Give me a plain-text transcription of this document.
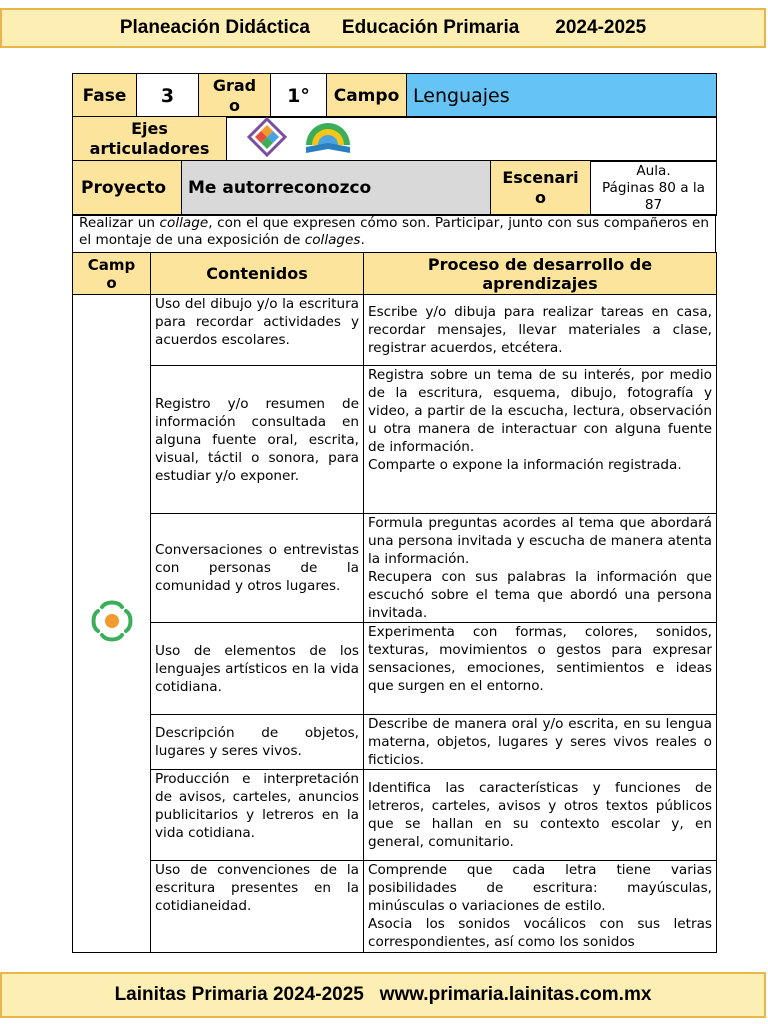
Planeación Didáctica Educación Primaria 2024-2025
Fase	3	Grad
o	1°	Campo	Lenguajes
Ejes
articuladores	
Proyecto	Me autorreconozco	Escenari
o	Aula.
Páginas 80 a la
87
Realizar un collage, con el que expresen cómo son. Participar, junto con sus compañeros en el montaje de una exposición de collages.
Camp
o	Contenidos	Proceso de desarrollo de
aprendizajes
	Uso del dibujo y/o la escritura para recordar actividades y acuerdos escolares.	Escribe y/o dibuja para realizar tareas en casa, recordar mensajes, llevar materiales a clase, registrar acuerdos, etcétera.

	Registro y/o resumen de información consultada en alguna fuente oral, escrita, visual, táctil o sonora, para estudiar y/o exponer.	Registra sobre un tema de su interés, por medio de la escritura, esquema, dibujo, fotografía y video, a partir de la escucha, lectura, observación u otra manera de interactuar con alguna fuente de información.
Comparte o expone la información registrada.

	Conversaciones o entrevistas con personas de la comunidad y otros lugares.	Formula preguntas acordes al tema que abordará una persona invitada y escucha de manera atenta la información.
Recupera con sus palabras la información que escuchó sobre el tema que abordó una persona invitada.

	Uso de elementos de los lenguajes artísticos en la vida cotidiana.	Experimenta con formas, colores, sonidos, texturas, movimientos o gestos para expresar sensaciones, emociones, sentimientos e ideas que surgen en el entorno.

	Descripción de objetos, lugares y seres vivos.	Describe de manera oral y/o escrita, en su lengua materna, objetos, lugares y seres vivos reales o ficticios.

	Producción e interpretación de avisos, carteles, anuncios publicitarios y letreros en la vida cotidiana.	Identifica las características y funciones de letreros, carteles, avisos y otros textos públicos que se hallan en su contexto escolar y, en general, comunitario.

	Uso de convenciones de la escritura presentes en la cotidianeidad.	Comprende que cada letra tiene varias posibilidades de escritura: mayúsculas, minúsculas o variaciones de estilo.
Asocia los sonidos vocálicos con sus letras correspondientes, así como los sonidos
Lainitas Primaria 2024-2025   www.primaria.lainitas.com.mx
